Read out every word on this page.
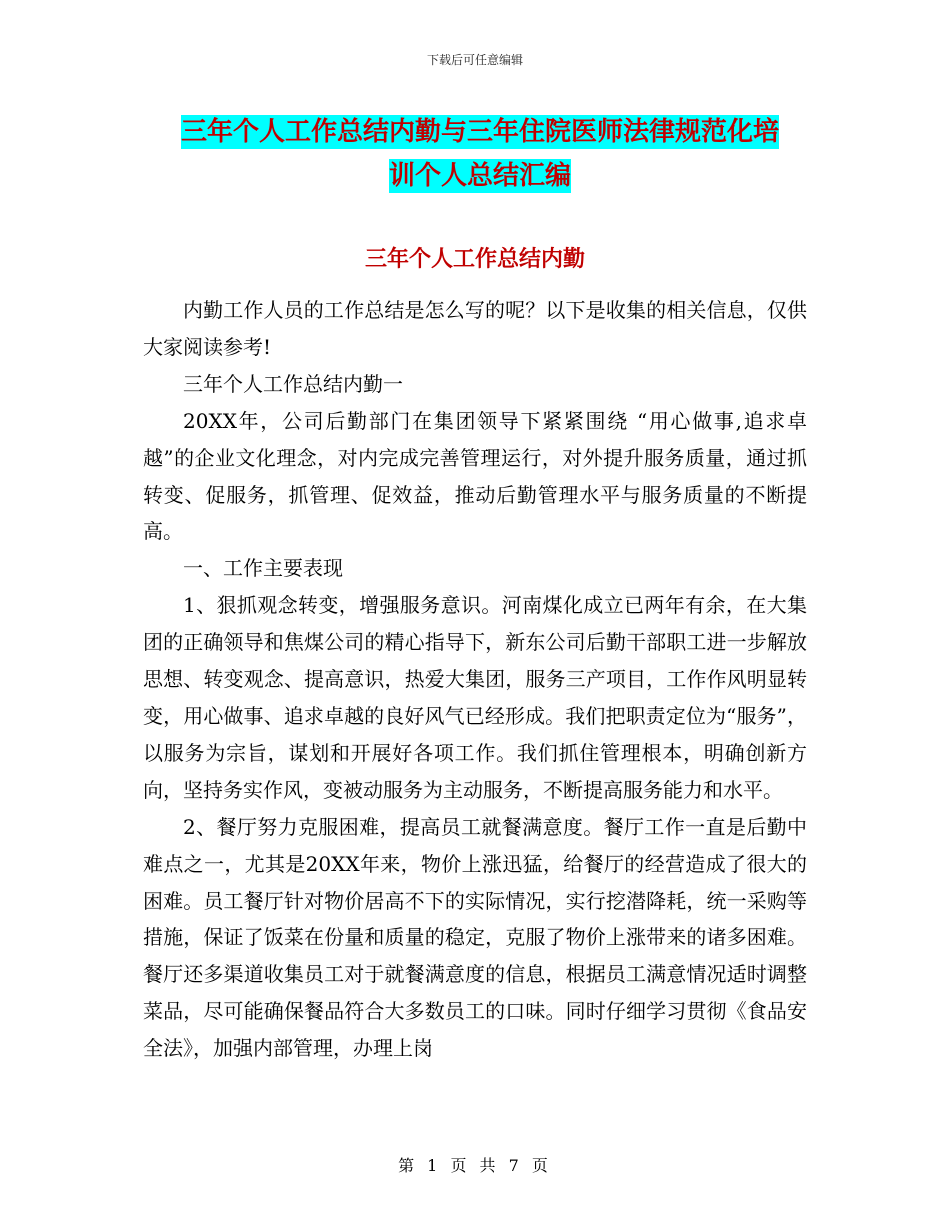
下载后可任意编辑
三年个人工作总结内勤与三年住院医师法律规范化培
训个人总结汇编
三年个人工作总结内勤

内勤工作人员的工作总结是怎么写的呢？以下是收集的相关信息，仅供大家阅读参考!

三年个人工作总结内勤一

20XX年，公司后勤部门在集团领导下紧紧围绕 “用心做事,追求卓越”的企业文化理念，对内完成完善管理运行，对外提升服务质量，通过抓转变、促服务，抓管理、促效益，推动后勤管理水平与服务质量的不断提高。

一、工作主要表现

1、狠抓观念转变，增强服务意识。河南煤化成立已两年有余，在大集团的正确领导和焦煤公司的精心指导下，新东公司后勤干部职工进一步解放思想、转变观念、提高意识，热爱大集团，服务三产项目，工作作风明显转变，用心做事、追求卓越的良好风气已经形成。我们把职责定位为“服务”，以服务为宗旨，谋划和开展好各项工作。我们抓住管理根本，明确创新方向，坚持务实作风，变被动服务为主动服务，不断提高服务能力和水平。

2、餐厅努力克服困难，提高员工就餐满意度。餐厅工作一直是后勤中难点之一，尤其是20XX年来，物价上涨迅猛，给餐厅的经营造成了很大的困难。员工餐厅针对物价居高不下的实际情况，实行挖潜降耗，统一采购等措施，保证了饭菜在份量和质量的稳定，克服了物价上涨带来的诸多困难。餐厅还多渠道收集员工对于就餐满意度的信息，根据员工满意情况适时调整菜品，尽可能确保餐品符合大多数员工的口味。同时仔细学习贯彻《食品安全法》，加强内部管理，办理上岗

第 1 页 共 7 页
